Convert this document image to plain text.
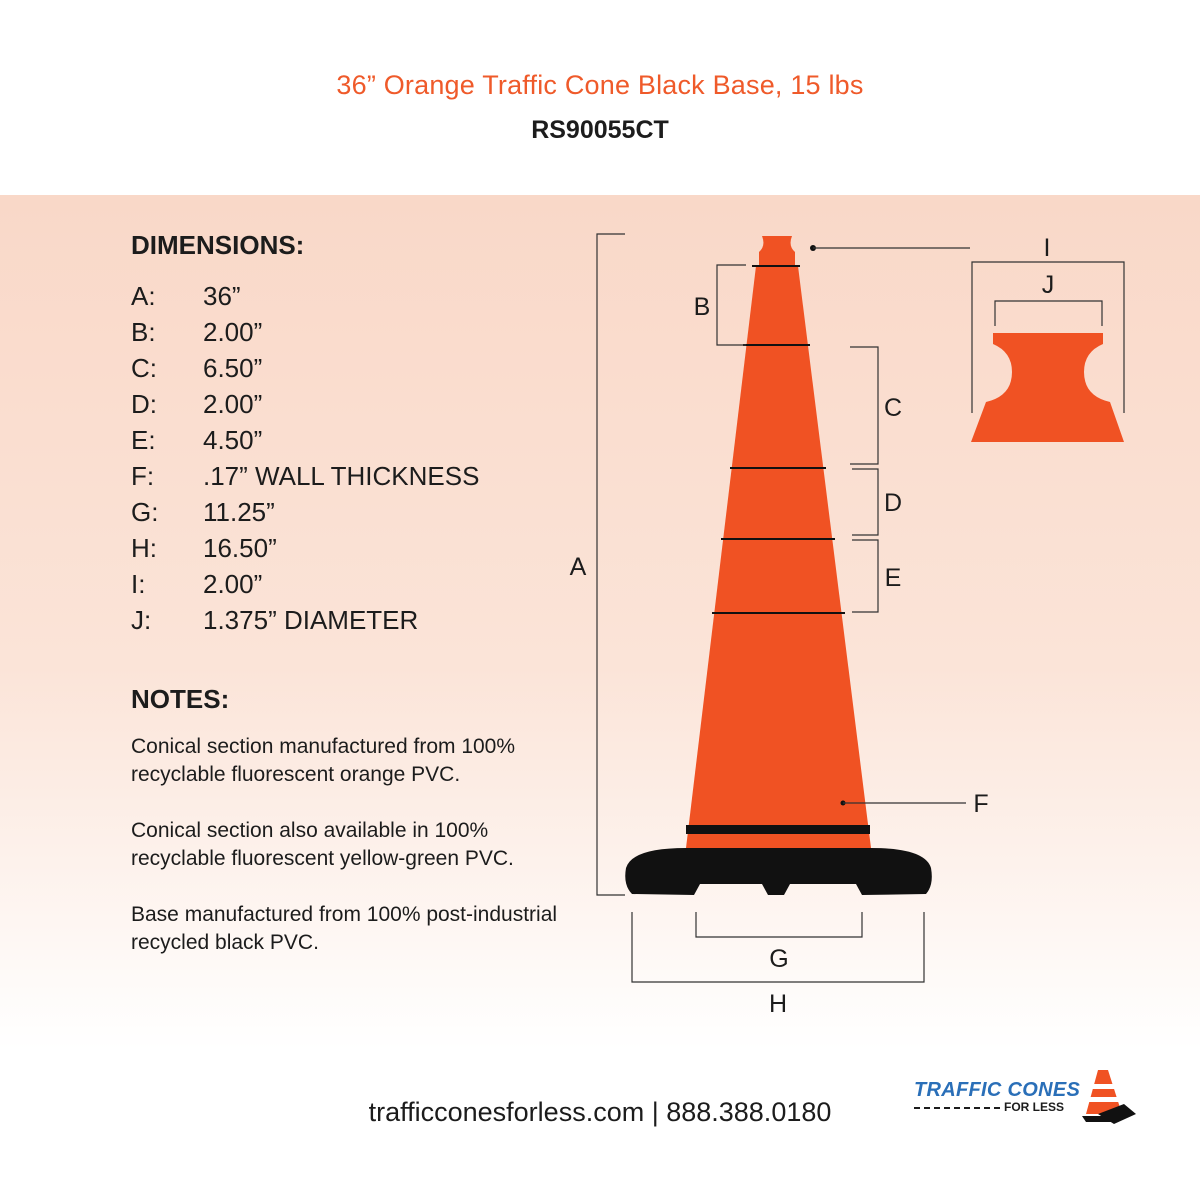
36” Orange Traffic Cone Black Base, 15 lbs
RS90055CT
DIMENSIONS:
A: 36”
B: 2.00”
C: 6.50”
D: 2.00”
E: 4.50”
F: .17” WALL THICKNESS
G: 11.25”
H: 16.50”
I: 2.00”
J: 1.375” DIAMETER
NOTES:

Conical section manufactured from 100% recyclable fluorescent orange PVC.

Conical section also available in 100% recyclable fluorescent yellow-green PVC.

Base manufactured from 100% post-industrial recycled black PVC.

A
B
C
D
E
F
G
H
I
J
trafficconesforless.com | 888.388.0180
TRAFFIC CONES
FOR LESS
